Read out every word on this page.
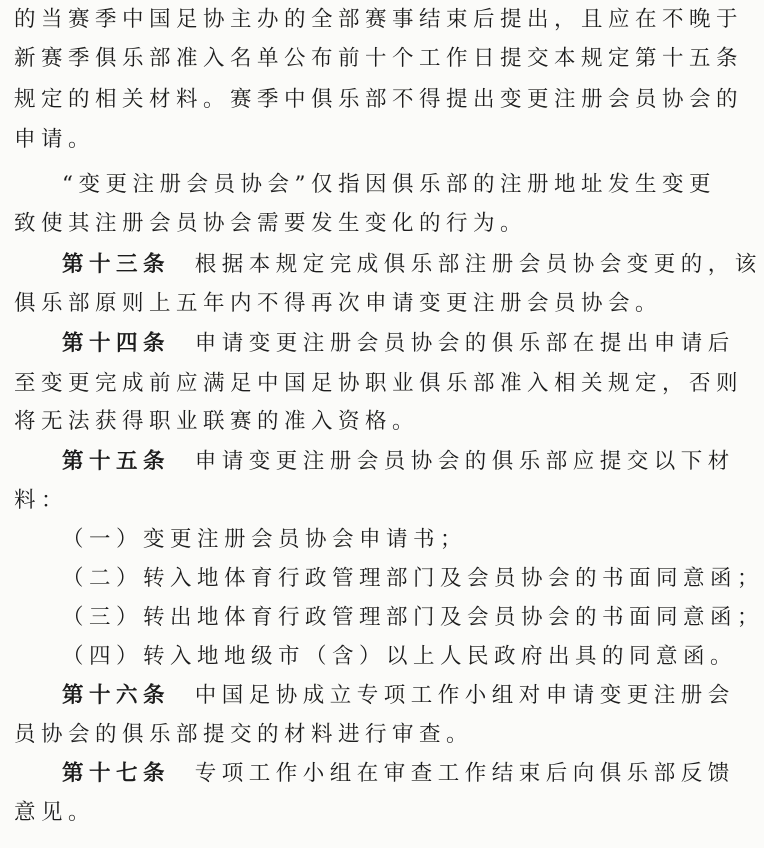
的当赛季中国足协主办的全部赛事结束后提出，且应在不晚于
新赛季俱乐部准入名单公布前十个工作日提交本规定第十五条
规定的相关材料。赛季中俱乐部不得提出变更注册会员协会的
申请。
“变更注册会员协会”仅指因俱乐部的注册地址发生变更
致使其注册会员协会需要发生变化的行为。
第十三条 根据本规定完成俱乐部注册会员协会变更的，该
俱乐部原则上五年内不得再次申请变更注册会员协会。
第十四条 申请变更注册会员协会的俱乐部在提出申请后
至变更完成前应满足中国足协职业俱乐部准入相关规定，否则
将无法获得职业联赛的准入资格。
第十五条 申请变更注册会员协会的俱乐部应提交以下材
料：
（一）变更注册会员协会申请书；
（二）转入地体育行政管理部门及会员协会的书面同意函；
（三）转出地体育行政管理部门及会员协会的书面同意函；
（四）转入地地级市（含）以上人民政府出具的同意函。
第十六条 中国足协成立专项工作小组对申请变更注册会
员协会的俱乐部提交的材料进行审查。
第十七条 专项工作小组在审查工作结束后向俱乐部反馈
意见。
